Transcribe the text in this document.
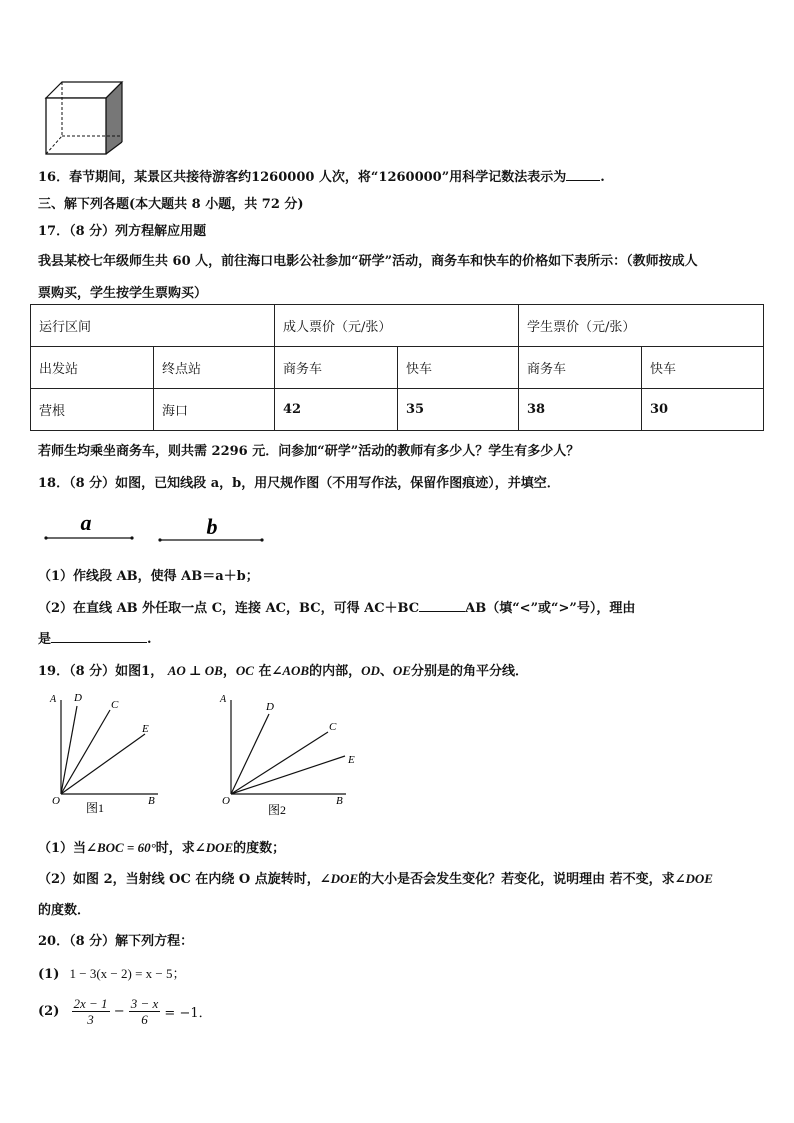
16．春节期间，某景区共接待游客约1260000 人次，将“1260000”用科学记数法表示为	.
三、解下列各题(本大题共 8 小题，共 72 分)
17．（8 分）列方程解应用题
我县某校七年级师生共 60 人，前往海口电影公社参加“研学”活动，商务车和快车的价格如下表所示：（教师按成人
票购买，学生按学生票购买）
运行区间		成人票价（元/张）		学生票价（元/张）	
出发站	终点站	商务车	快车	商务车	快车
营根	海口	42	35	38	30
若师生均乘坐商务车，则共需 2296 元．问参加“研学”活动的教师有多少人？学生有多少人？
18．（8 分）如图，已知线段 a，b，用尺规作图（不用写作法，保留作图痕迹），并填空．
a	b
（1）作线段 AB，使得 AB＝a＋b；
（2）在直线 AB 外任取一点 C，连接 AC，BC，可得 AC＋BC	AB（填“<”或“>”号），理由
是	.
19．（8 分）如图1， AO ⊥ OB，OC 在∠AOB的内部，OD、OE分别是的角平分线．
A D
C
E
O	B
图1
A
D
C
E
O	B
图2
（1）当∠BOC = 60°时，求∠DOE的度数；
（2）如图 2，当射线 OC 在内绕 O 点旋转时，∠DOE的大小是否会发生变化？若变化，说明理由 若不变，求∠DOE
的度数．
20．（8 分）解下列方程：
(1) 1 − 3(x − 2) = x − 5；
$(2) \frac{2x - 1}{3} - \frac{3 - x}{6} = -1$．
